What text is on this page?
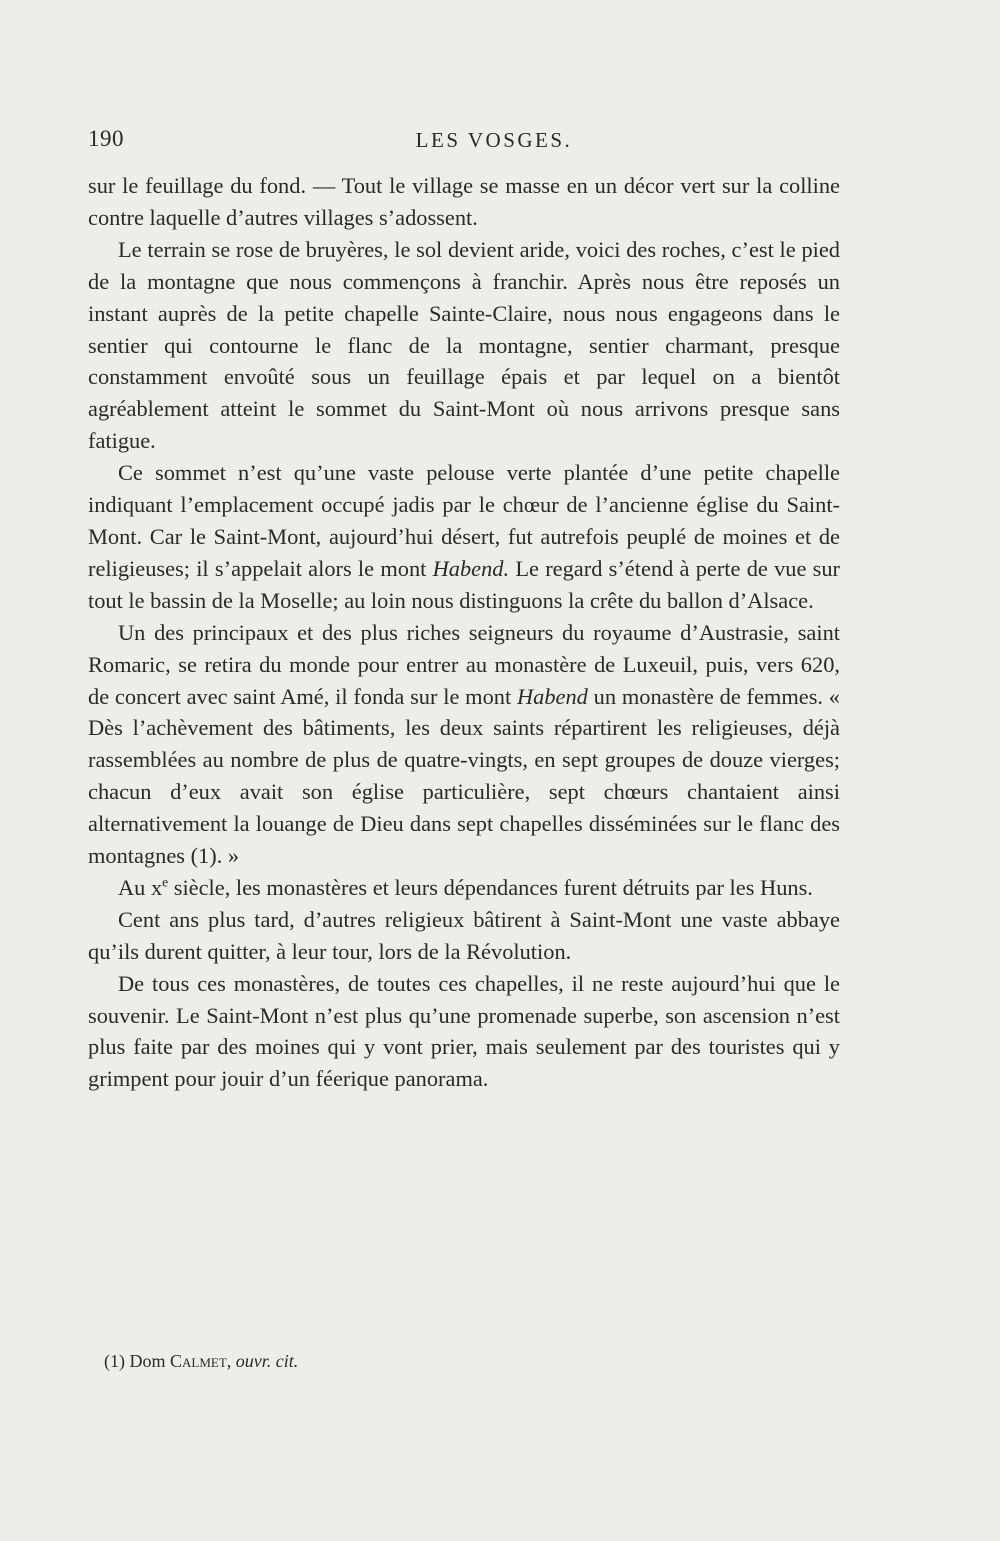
190	LES VOSGES.

sur le feuillage du fond. — Tout le village se masse en un décor vert sur la colline contre laquelle d’autres villages s’adossent.

Le terrain se rose de bruyères, le sol devient aride, voici des roches, c’est le pied de la montagne que nous commençons à franchir. Après nous être reposés un instant auprès de la petite chapelle Sainte-Claire, nous nous engageons dans le sentier qui contourne le flanc de la montagne, sentier charmant, presque constamment envoûté sous un feuillage épais et par lequel on a bientôt agréablement atteint le sommet du Saint-Mont où nous arrivons presque sans fatigue.

Ce sommet n’est qu’une vaste pelouse verte plantée d’une petite chapelle indiquant l’emplacement occupé jadis par le chœur de l’ancienne église du Saint-Mont. Car le Saint-Mont, aujourd’hui désert, fut autrefois peuplé de moines et de religieuses; il s’appelait alors le mont Habend. Le regard s’étend à perte de vue sur tout le bassin de la Moselle; au loin nous distinguons la crête du ballon d’Alsace.

Un des principaux et des plus riches seigneurs du royaume d’Austrasie, saint Romaric, se retira du monde pour entrer au monastère de Luxeuil, puis, vers 620, de concert avec saint Amé, il fonda sur le mont Habend un monastère de femmes. « Dès l’achèvement des bâtiments, les deux saints répartirent les religieuses, déjà rassemblées au nombre de plus de quatre-vingts, en sept groupes de douze vierges; chacun d’eux avait son église particulière, sept chœurs chantaient ainsi alternativement la louange de Dieu dans sept chapelles disséminées sur le flanc des montagnes (1). »

Au $x^e$ siècle, les monastères et leurs dépendances furent détruits par les Huns.

Cent ans plus tard, d’autres religieux bâtirent à Saint-Mont une vaste abbaye qu’ils durent quitter, à leur tour, lors de la Révolution.

De tous ces monastères, de toutes ces chapelles, il ne reste aujourd’hui que le souvenir. Le Saint-Mont n’est plus qu’une promenade superbe, son ascension n’est plus faite par des moines qui y vont prier, mais seulement par des touristes qui y grimpent pour jouir d’un féerique panorama.

(1) Dom Calmet, ouvr. cit.
